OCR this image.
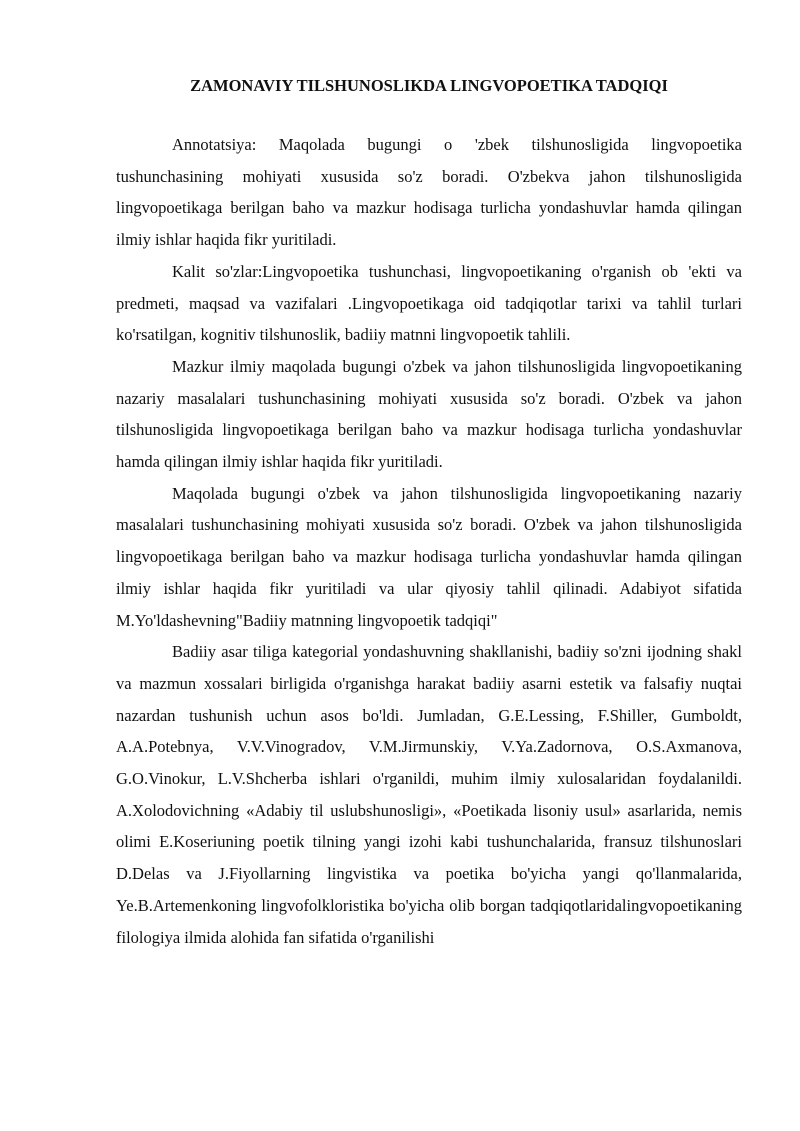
ZAMONAVIY TILSHUNOSLIKDA LINGVOPOETIKA TADQIQI

Annotatsiya: Maqolada bugungi o 'zbek tilshunosligida lingvopoetika tushunchasining mohiyati xususida so'z boradi. O'zbekva jahon tilshunosligida lingvopoetikaga berilgan baho va mazkur hodisaga turlicha yondashuvlar hamda qilingan ilmiy ishlar haqida fikr yuritiladi.

Kalit so'zlar:Lingvopoetika tushunchasi, lingvopoetikaning o'rganish ob 'ekti va predmeti, maqsad va vazifalari .Lingvopoetikaga oid tadqiqotlar tarixi va tahlil turlari ko'rsatilgan, kognitiv tilshunoslik, badiiy matnni lingvopoetik tahlili.

Mazkur ilmiy maqolada bugungi o'zbek va jahon tilshunosligida lingvopoetikaning nazariy masalalari tushunchasining mohiyati xususida so'z boradi. O'zbek va jahon tilshunosligida lingvopoetikaga berilgan baho va mazkur hodisaga turlicha yondashuvlar hamda qilingan ilmiy ishlar haqida fikr yuritiladi.

Maqolada bugungi o'zbek va jahon tilshunosligida lingvopoetikaning nazariy masalalari tushunchasining mohiyati xususida so'z boradi. O'zbek va jahon tilshunosligida lingvopoetikaga berilgan baho va mazkur hodisaga turlicha yondashuvlar hamda qilingan ilmiy ishlar haqida fikr yuritiladi va ular qiyosiy tahlil qilinadi. Adabiyot sifatida M.Yo'ldashevning"Badiiy matnning lingvopoetik tadqiqi"

Badiiy asar tiliga kategorial yondashuvning shakllanishi, badiiy so'zni ijodning shakl va mazmun xossalari birligida o'rganishga harakat badiiy asarni estetik va falsafiy nuqtai nazardan tushunish uchun asos bo'ldi. Jumladan, G.E.Lessing, F.Shiller, Gumboldt, A.A.Potebnya, V.V.Vinogradov, V.M.Jirmunskiy, V.Ya.Zadornova, O.S.Axmanova, G.O.Vinokur, L.V.Shcherba ishlari o'rganildi, muhim ilmiy xulosalaridan foydalanildi. A.Xolodovichning «Adabiy til uslubshunosligi», «Poetikada lisoniy usul» asarlarida, nemis olimi E.Koseriuning poetik tilning yangi izohi kabi tushunchalarida, fransuz tilshunoslari D.Delas va J.Fiyollarning lingvistika va poetika bo'yicha yangi qo'llanmalarida, Ye.B.Artemenkoning lingvofolkloristika bo'yicha olib borgan tadqiqotlaridalingvopoetikaning filologiya ilmida alohida fan sifatida o'rganilishi
